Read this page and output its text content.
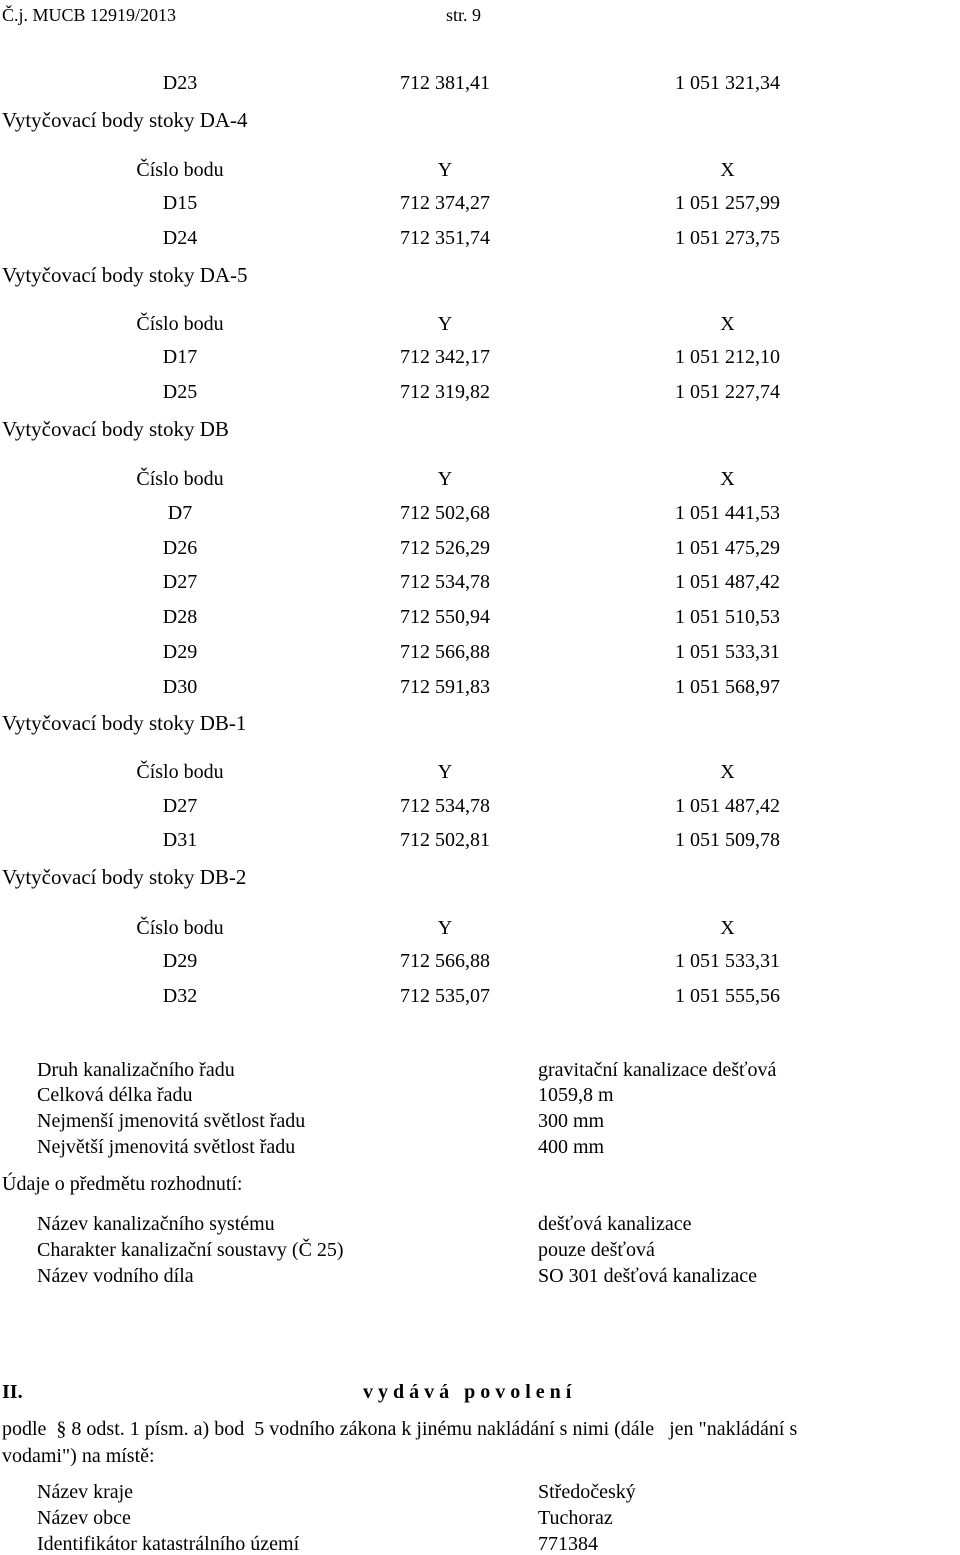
Č.j. MUCB 12919/2013	str. 9
D23	712 381,41	1 051 321,34
Vytyčovací body stoky DA-4
Číslo bodu	Y	X
D15	712 374,27	1 051 257,99
D24	712 351,74	1 051 273,75
Vytyčovací body stoky DA-5
Číslo bodu	Y	X
D17	712 342,17	1 051 212,10
D25	712 319,82	1 051 227,74
Vytyčovací body stoky DB
Číslo bodu	Y	X
D7	712 502,68	1 051 441,53
D26	712 526,29	1 051 475,29
D27	712 534,78	1 051 487,42
D28	712 550,94	1 051 510,53
D29	712 566,88	1 051 533,31
D30	712 591,83	1 051 568,97
Vytyčovací body stoky DB-1
Číslo bodu	Y	X
D27	712 534,78	1 051 487,42
D31	712 502,81	1 051 509,78
Vytyčovací body stoky DB-2
Číslo bodu	Y	X
D29	712 566,88	1 051 533,31
D32	712 535,07	1 051 555,56
Druh kanalizačního řadu	gravitační kanalizace dešťová
Celková délka řadu	1059,8 m
Nejmenší jmenovitá světlost řadu	300 mm
Největší jmenovitá světlost řadu	400 mm
Údaje o předmětu rozhodnutí:
Název kanalizačního systému	dešťová kanalizace
Charakter kanalizační soustavy (Č 25)	pouze dešťová
Název vodního díla	SO 301 dešťová kanalizace
II.	v y d á v á   p o v o l e n í
podle  § 8 odst. 1 písm. a) bod  5 vodního zákona k jinému nakládání s nimi (dále   jen "nakládání s
vodami") na místě:
Název kraje	Středočeský
Název obce	Tuchoraz
Identifikátor katastrálního území	771384
